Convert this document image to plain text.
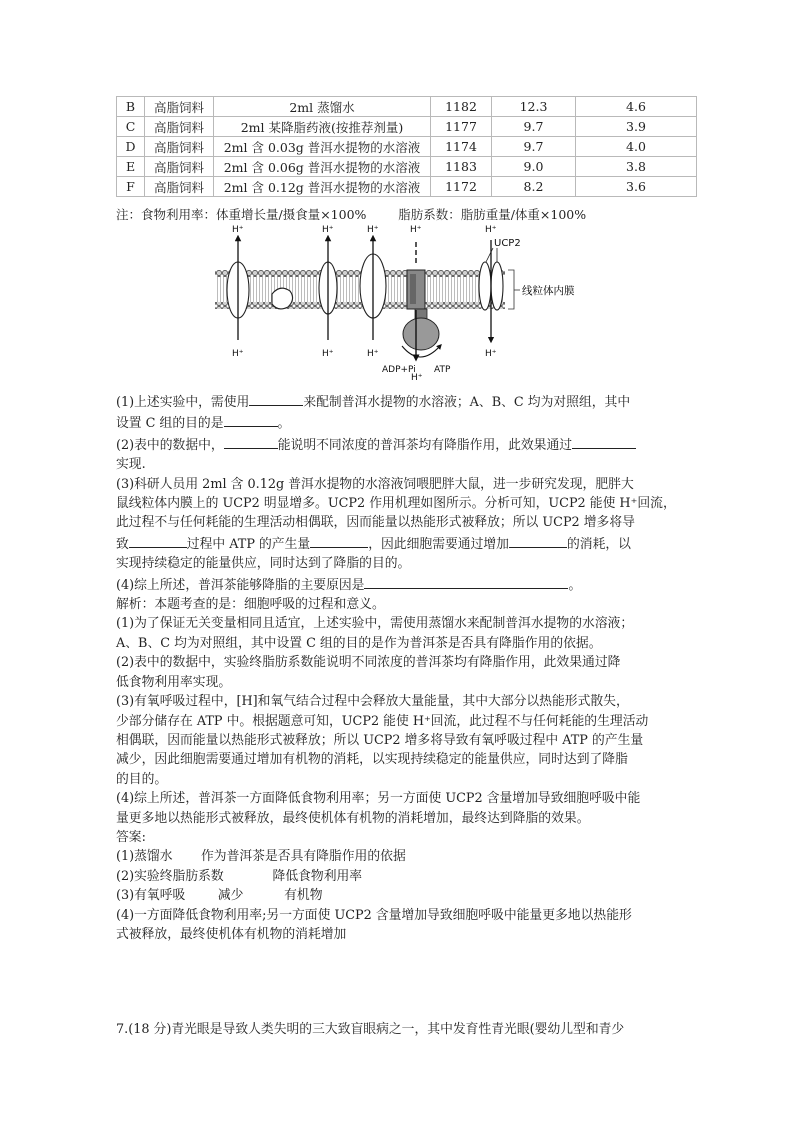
B	高脂饲料	2ml 蒸馏水	1182	12.3	4.6
C	高脂饲料	2ml 某降脂药液(按推荐剂量)	1177	9.7	3.9
D	高脂饲料	2ml 含 0.03g 普洱水提物的水溶液	1174	9.7	4.0
E	高脂饲料	2ml 含 0.06g 普洱水提物的水溶液	1183	9.0	3.8
F	高脂饲料	2ml 含 0.12g 普洱水提物的水溶液	1172	8.2	3.6
注：食物利用率：体重增长量/摄食量×100%        脂肪系数：脂肪重量/体重×100%
线粒体内膜
H⁺	H⁺	H⁺	H⁺	H⁺
H⁺	H⁺	H⁺	H⁺
H⁺
ADP+Pi ATP
UCP2

(1)上述实验中，需使用	来配制普洱水提物的水溶液；A、B、C 均为对照组，其中

设置 C 组的目的是	。

(2)表中的数据中，	能说明不同浓度的普洱茶均有降脂作用，此效果通过

实现.

(3)科研人员用 2ml 含 0.12g 普洱水提物的水溶液饲喂肥胖大鼠，进一步研究发现，肥胖大

鼠线粒体内膜上的 UCP2 明显增多。UCP2 作用机理如图所示。分析可知，UCP2 能使 H⁺回流，

此过程不与任何耗能的生理活动相偶联，因而能量以热能形式被释放；所以 UCP2 增多将导

致	过程中 ATP 的产生量	，因此细胞需要通过增加	的消耗，以

实现持续稳定的能量供应，同时达到了降脂的目的。

(4)综上所述，普洱茶能够降脂的主要原因是	。

解析：本题考查的是：细胞呼吸的过程和意义。

(1)为了保证无关变量相同且适宜，上述实验中，需使用蒸馏水来配制普洱水提物的水溶液；

A、B、C 均为对照组，其中设置 C 组的目的是作为普洱茶是否具有降脂作用的依据。

(2)表中的数据中，实验终脂肪系数能说明不同浓度的普洱茶均有降脂作用，此效果通过降

低食物利用率实现。

(3)有氧呼吸过程中，[H]和氧气结合过程中会释放大量能量，其中大部分以热能形式散失，

少部分储存在 ATP 中。根据题意可知，UCP2 能使 H⁺回流，此过程不与任何耗能的生理活动

相偶联，因而能量以热能形式被释放；所以 UCP2 增多将导致有氧呼吸过程中 ATP 的产生量

减少，因此细胞需要通过增加有机物的消耗，以实现持续稳定的能量供应，同时达到了降脂

的目的。

(4)综上所述，普洱茶一方面降低食物利用率；另一方面使 UCP2 含量增加导致细胞呼吸中能

量更多地以热能形式被释放，最终使机体有机物的消耗增加，最终达到降脂的效果。

答案:

(1)蒸馏水       作为普洱茶是否具有降脂作用的依据

(2)实验终脂肪系数            降低食物利用率

(3)有氧呼吸        减少          有机物

(4)一方面降低食物利用率;另一方面使 UCP2 含量增加导致细胞呼吸中能量更多地以热能形

式被释放，最终使机体有机物的消耗增加

7.(18 分)青光眼是导致人类失明的三大致盲眼病之一，其中发育性青光眼(婴幼儿型和青少
